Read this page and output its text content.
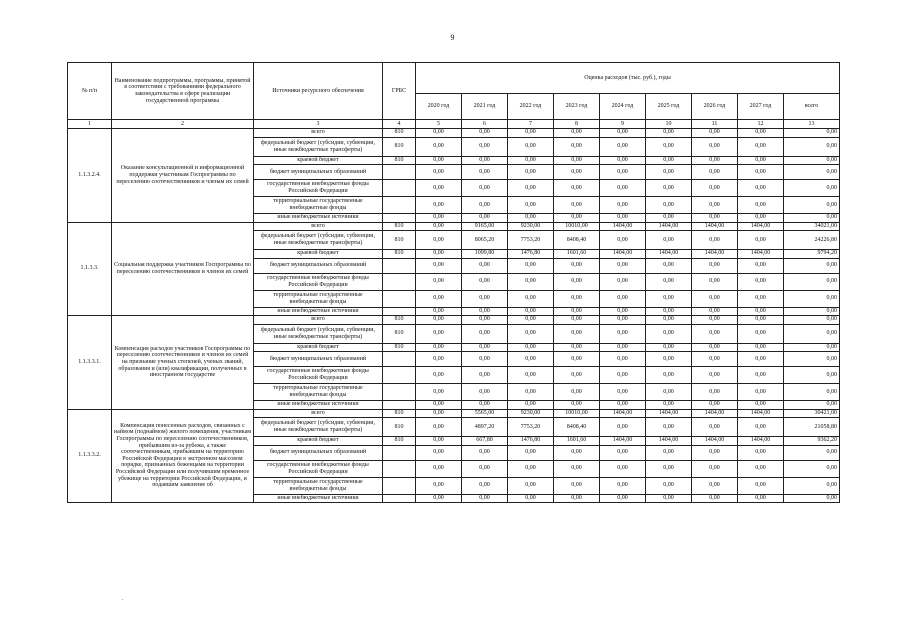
9
№ п/п	Наименование подпрограммы, программы, принятой в соответствии с требованиями федерального законодательства в сфере реализации государственной программы	Источники ресурсного обеспечения	ГРБС	Оценка расходов (тыс. руб.), годы								
				2020 год	2021 год	2022 год	2023 год	2024 год	2025 год	2026 год	2027 год	всего
1	2	3	4	5	6	7	8	9	10	11	12	13
1.1.3.2.4.	Оказание консультационной и информационной поддержки участникам Госпрограммы по переселению соотечественников и членам их семей	всего	810	0,00	0,00	0,00	0,00	0,00	0,00	0,00	0,00	0,00
		федеральный бюджет (субсидии, субвенции, иные межбюджетные трансферты)	810	0,00	0,00	0,00	0,00	0,00	0,00	0,00	0,00	0,00
		краевой бюджет	810	0,00	0,00	0,00	0,00	0,00	0,00	0,00	0,00	0,00
		бюджет муниципальных образований		0,00	0,00	0,00	0,00	0,00	0,00	0,00	0,00	0,00
		государственные внебюджетные фонды Российской Федерации		0,00	0,00	0,00	0,00	0,00	0,00	0,00	0,00	0,00
		территориальные государственные внебюджетные фонды		0,00	0,00	0,00	0,00	0,00	0,00	0,00	0,00	0,00
		иные внебюджетные источники		0,00	0,00	0,00	0,00	0,00	0,00	0,00	0,00	0,00
1.1.3.3.	Социальная поддержка участников Госпрограммы по переселению соотечественников и членов их семей	всего	810	0,00	9165,00	9230,00	10010,00	1404,00	1404,00	1404,00	1404,00	34021,00
		федеральный бюджет (субсидии, субвенции, иные межбюджетные трансферты)	810	0,00	8065,20	7753,20	8408,40	0,00	0,00	0,00	0,00	24226,80
		краевой бюджет	810	0,00	1099,80	1476,80	1601,60	1404,00	1404,00	1404,00	1404,00	9794,20
		бюджет муниципальных образований		0,00	0,00	0,00	0,00	0,00	0,00	0,00	0,00	0,00
		государственные внебюджетные фонды Российской Федерации		0,00	0,00	0,00	0,00	0,00	0,00	0,00	0,00	0,00
		территориальные государственные внебюджетные фонды		0,00	0,00	0,00	0,00	0,00	0,00	0,00	0,00	0,00
		иные внебюджетные источники		0,00	0,00	0,00	0,00	0,00	0,00	0,00	0,00	0,00
1.1.3.3.1.	Компенсация расходов участников Госпрограммы по переселению соотечественников и членов их семей на признание ученых степеней, ученых званий, образования и (или) квалификации, полученных в иностранном государстве	всего	810	0,00	0,00	0,00	0,00	0,00	0,00	0,00	0,00	0,00
		федеральный бюджет (субсидии, субвенции, иные межбюджетные трансферты)	810	0,00	0,00	0,00	0,00	0,00	0,00	0,00	0,00	0,00
		краевой бюджет	810	0,00	0,00	0,00	0,00	0,00	0,00	0,00	0,00	0,00
		бюджет муниципальных образований		0,00	0,00	0,00	0,00	0,00	0,00	0,00	0,00	0,00
		государственные внебюджетные фонды Российской Федерации		0,00	0,00	0,00	0,00	0,00	0,00	0,00	0,00	0,00
		территориальные государственные внебюджетные фонды		0,00	0,00	0,00	0,00	0,00	0,00	0,00	0,00	0,00
		иные внебюджетные источники		0,00	0,00	0,00	0,00	0,00	0,00	0,00	0,00	0,00
1.1.3.3.2.	Компенсация понесенных расходов, связанных с наймом (поднаймом) жилого помещения, участникам Госпрограммы по переселению соотечественников, прибывшим из-за рубежа, а также соотечественникам, прибывшим на территорию Российской Федерации в экстренном массовом порядке, признанных беженцами на территории Российской Федерации или получившим временное убежище на территории Российской Федерации, и подавшим заявление об	всего	810	0,00	5565,00	9230,00	10010,00	1404,00	1404,00	1404,00	1404,00	30421,00
		федеральный бюджет (субсидии, субвенции, иные межбюджетные трансферты)	810	0,00	4897,20	7753,20	8408,40	0,00	0,00	0,00	0,00	21058,80
		краевой бюджет	810	0,00	667,80	1476,80	1601,60	1404,00	1404,00	1404,00	1404,00	9362,20
		бюджет муниципальных образований		0,00	0,00	0,00	0,00	0,00	0,00	0,00	0,00	0,00
		государственные внебюджетные фонды Российской Федерации		0,00	0,00	0,00	0,00	0,00	0,00	0,00	0,00	0,00
		территориальные государственные внебюджетные фонды		0,00	0,00	0,00	0,00	0,00	0,00	0,00	0,00	0,00
		иные внебюджетные источники		0,00	0,00	0,00	0,00	0,00	0,00	0,00	0,00	0,00
.
